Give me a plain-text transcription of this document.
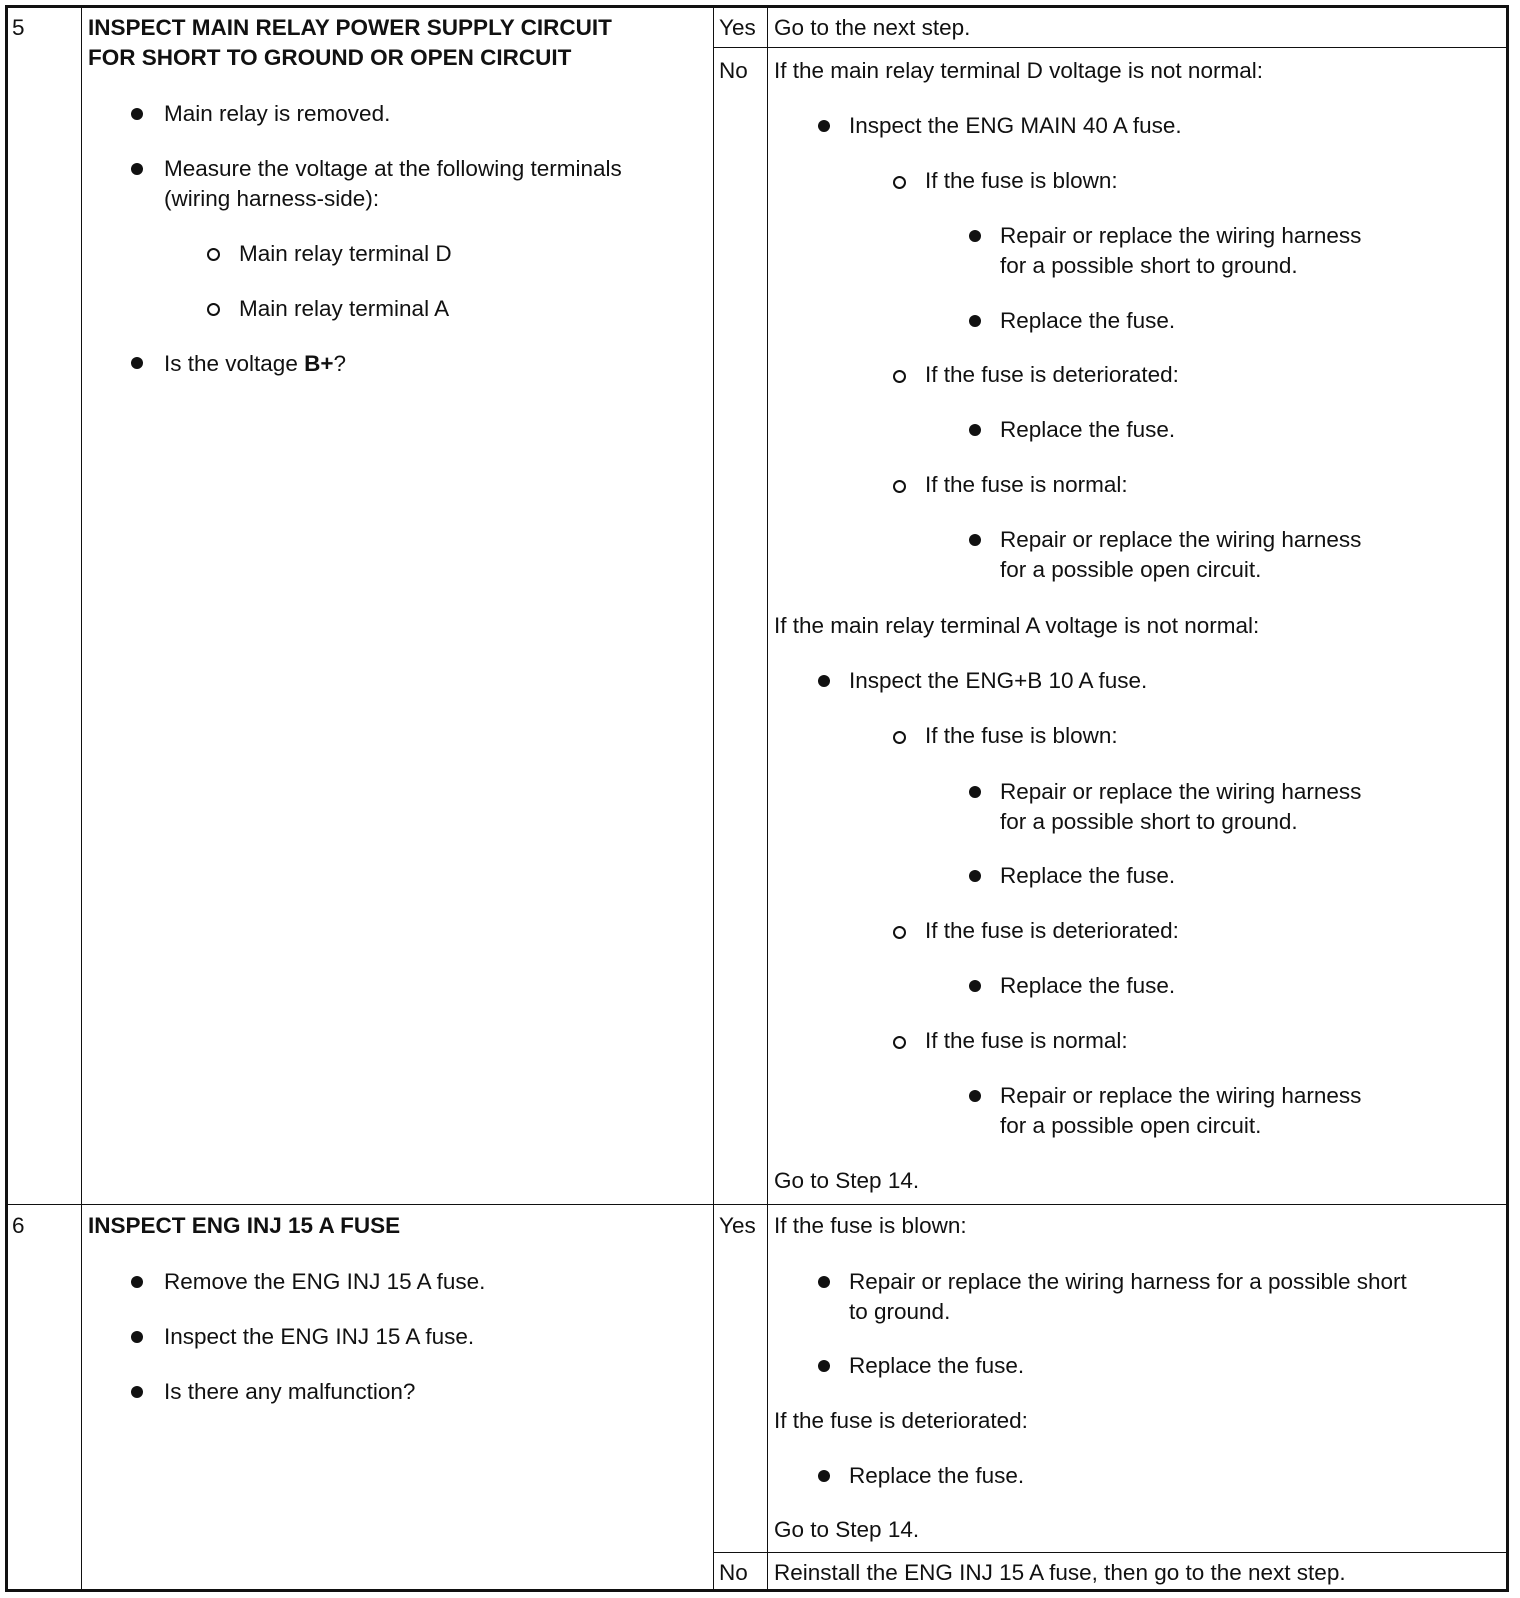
5	INSPECT MAIN RELAY POWER SUPPLY CIRCUIT
FOR SHORT TO GROUND OR OPEN CIRCUIT
Main relay is removed.
Measure the voltage at the following terminals
(wiring harness-side):
Main relay terminal D
Main relay terminal A
Is the voltage B+?
Yes Go to the next step.
No If the main relay terminal D voltage is not normal:
Inspect the ENG MAIN 40 A fuse.
If the fuse is blown:
Repair or replace the wiring harness
for a possible short to ground.
Replace the fuse.
If the fuse is deteriorated:
Replace the fuse.
If the fuse is normal:
Repair or replace the wiring harness
for a possible open circuit.
If the main relay terminal A voltage is not normal:
Inspect the ENG+B 10 A fuse.
If the fuse is blown:
Repair or replace the wiring harness
for a possible short to ground.
Replace the fuse.
If the fuse is deteriorated:
Replace the fuse.
If the fuse is normal:
Repair or replace the wiring harness
for a possible open circuit.
Go to Step 14.
6	INSPECT ENG INJ 15 A FUSE
Remove the ENG INJ 15 A fuse.
Inspect the ENG INJ 15 A fuse.
Is there any malfunction?
Yes If the fuse is blown:
Repair or replace the wiring harness for a possible short
to ground.
Replace the fuse.
If the fuse is deteriorated:
Replace the fuse.
Go to Step 14.
No Reinstall the ENG INJ 15 A fuse, then go to the next step.
